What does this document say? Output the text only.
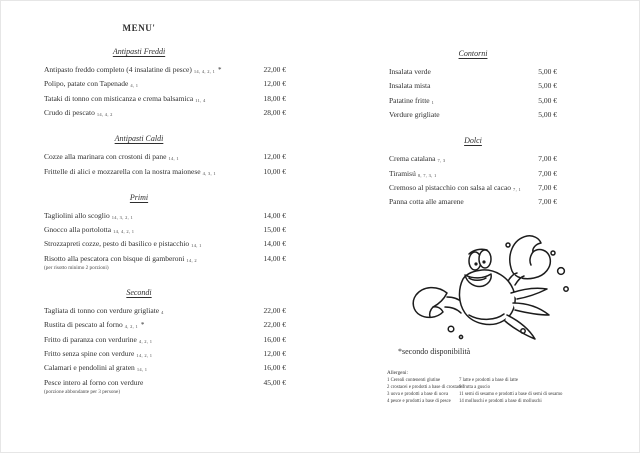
MENU'
Antipasti Freddi
Antipasto freddo completo (4 insalatine di pesce) 14, 4, 2, 1 *	22,00 €
Polipo, patate con Tapenade 4, 1	12,00 €
Tataki di tonno con misticanza e crema balsamica 11, 4	18,00 €
Crudo di pescato 14, 4, 2	28,00 €
Antipasti Caldi
Cozze alla marinara con crostoni di pane 14, 1	12,00 €
Frittelle di alici e mozzarella con la nostra maionese 4, 3, 1	10,00 €
Primi
Tagliolini allo scoglio 14, 3, 2, 1	14,00 €
Gnocco alla portolotta 14, 4, 2, 1	15,00 €
Strozzapreti cozze, pesto di basilico e pistacchio 14, 1	14,00 €
Risotto alla pescatora con bisque di gamberoni 14, 2	14,00 €
(per risotto minimo 2 porzioni)
Secondi
Tagliata di tonno con verdure grigliate 4	22,00 €
Rustita di pescato al forno 4, 2, 1 *	22,00 €
Fritto di paranza con verdurine 4, 2, 1	16,00 €
Fritto senza spine con verdure 14, 2, 1	12,00 €
Calamari e pendolini al graten 14, 1	16,00 €
Pesce intero al forno con verdure	45,00 €
(porzione abbondante per 3 persone)
Contorni
Insalata verde	5,00 €
Insalata mista	5,00 €
Patatine fritte 1	5,00 €
Verdure grigliate	5,00 €
Dolci
Crema catalana 7, 3	7,00 €
Tiramisú 8, 7, 3, 1	7,00 €
Cremoso al pistacchio con salsa al cacao 7, 1 7,00 €
Panna cotta alle amarene	7,00 €
*secondo disponibilità
Allergeni:
1 Cereali contenenti glutine
2 crostacei e prodotti a base di crostacei
3 uova e prodotti a base di uova
4 pesce e prodotti a base di pesce
7 latte e prodotti a base di latte
8 frutta a guscio
11 semi di sesamo e prodotti a base di semi di sesamo
14 molluschi e prodotti a base di molluschi
